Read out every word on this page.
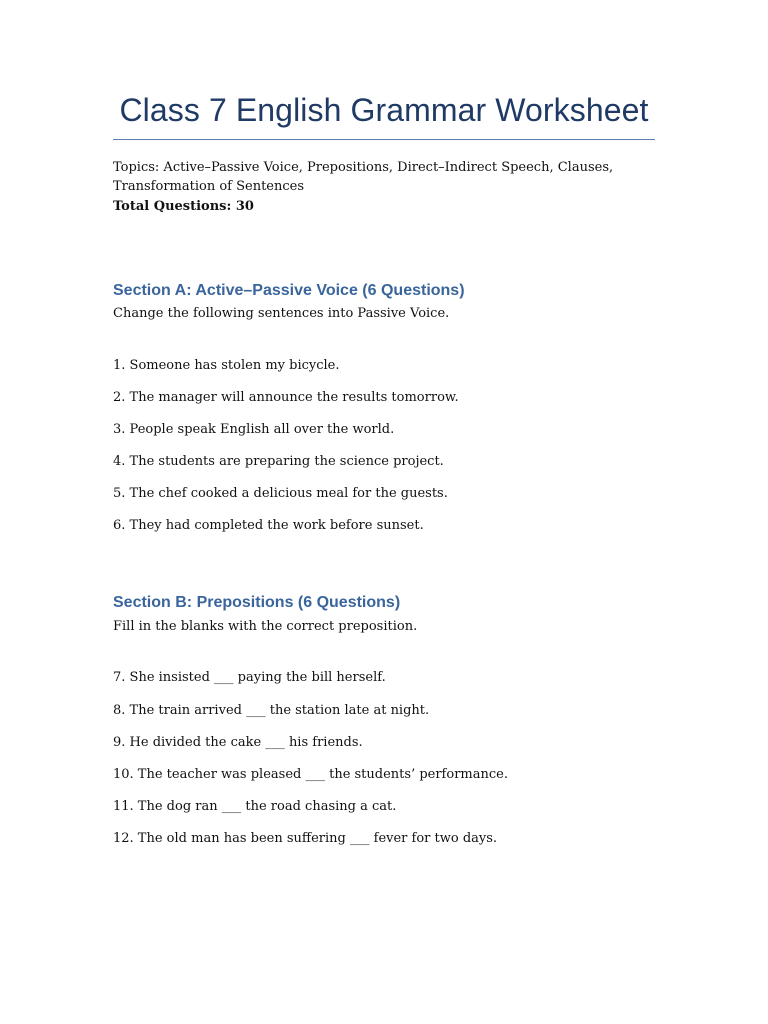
Class 7 English Grammar Worksheet
Topics: Active–Passive Voice, Prepositions, Direct–Indirect Speech, Clauses, Transformation of Sentences
Total Questions: 30
Section A: Active–Passive Voice (6 Questions)
Change the following sentences into Passive Voice.
1. Someone has stolen my bicycle.
2. The manager will announce the results tomorrow.
3. People speak English all over the world.
4. The students are preparing the science project.
5. The chef cooked a delicious meal for the guests.
6. They had completed the work before sunset.
Section B: Prepositions (6 Questions)
Fill in the blanks with the correct preposition.
7. She insisted ___ paying the bill herself.
8. The train arrived ___ the station late at night.
9. He divided the cake ___ his friends.
10. The teacher was pleased ___ the students’ performance.
11. The dog ran ___ the road chasing a cat.
12. The old man has been suffering ___ fever for two days.
